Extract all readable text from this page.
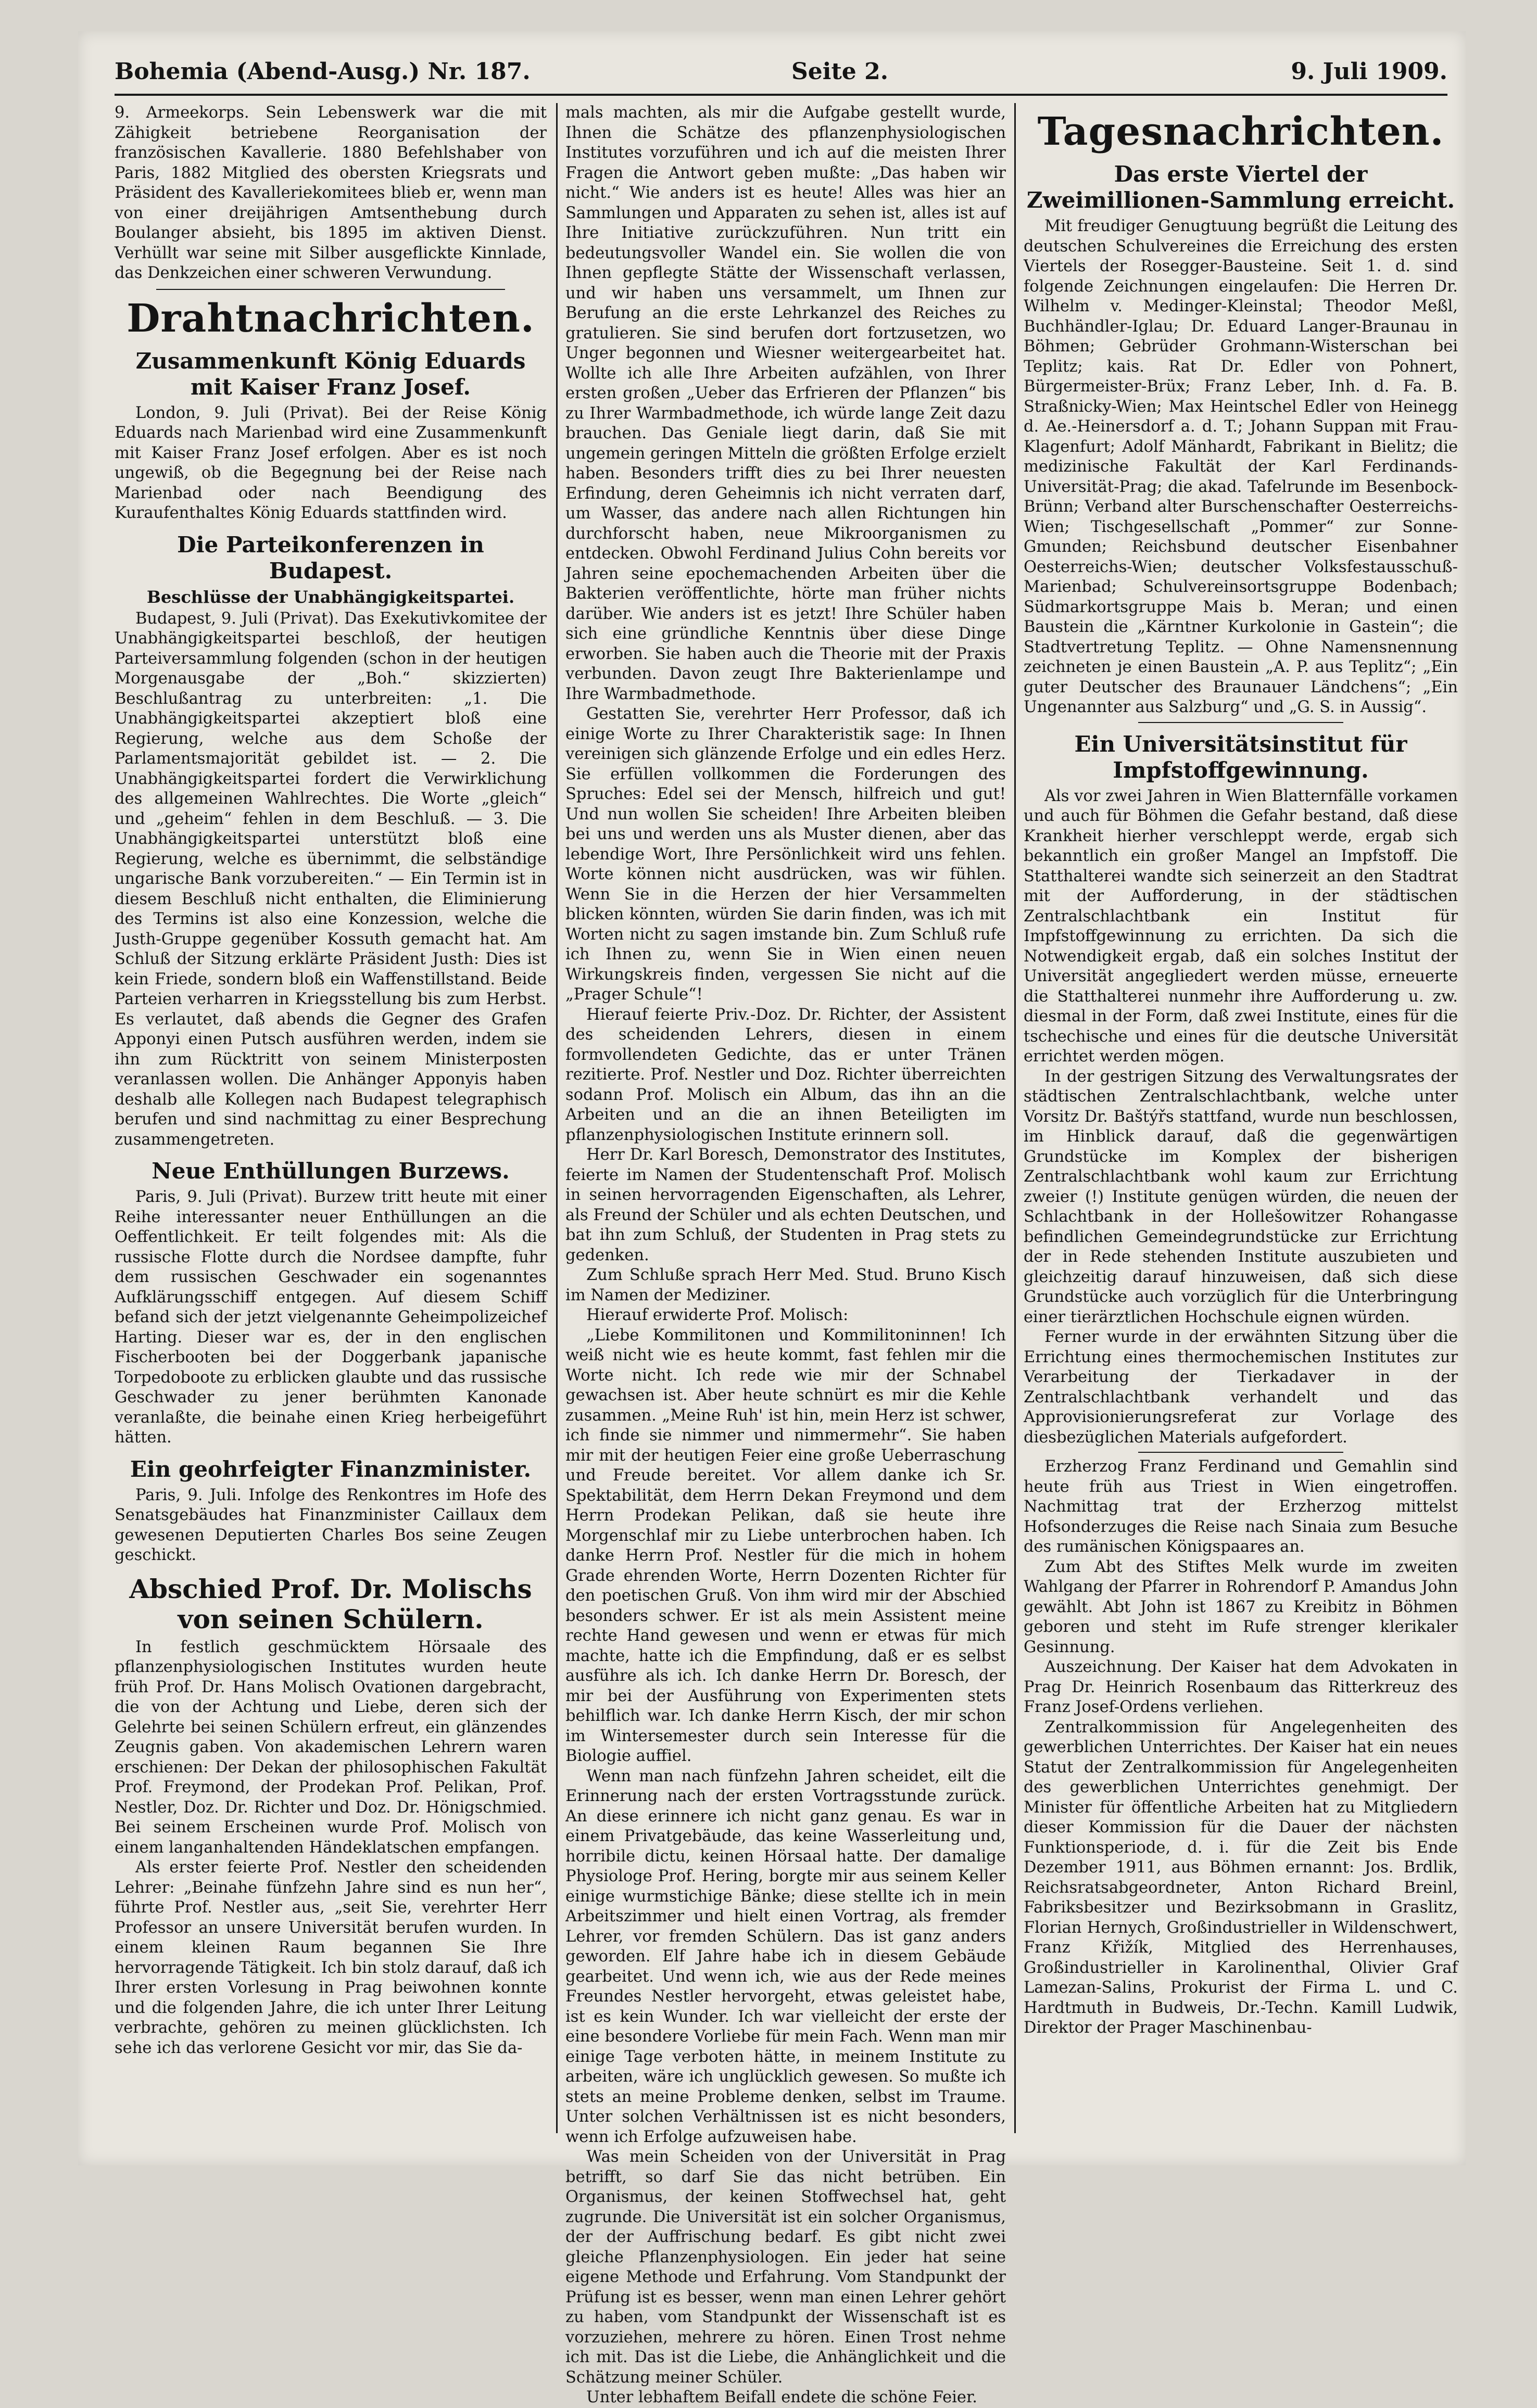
Bohemia (Abend-Ausg.) Nr. 187.	Seite 2.	9. Juli 1909.

9. Armeekorps. Sein Lebenswerk war die mit Zähigkeit betriebene Reorganisation der französischen Kavallerie. 1880 Befehlshaber von Paris, 1882 Mitglied des obersten Kriegsrats und Präsident des Kavalleriekomitees blieb er, wenn man von einer dreijährigen Amtsenthebung durch Boulanger absieht, bis 1895 im aktiven Dienst. Verhüllt war seine mit Silber ausgeflickte Kinnlade, das Denkzeichen einer schweren Verwundung.

Drahtnachrichten.
Zusammenkunft König Eduards mit Kaiser Franz Josef.

London, 9. Juli (Privat). Bei der Reise König Eduards nach Marienbad wird eine Zusammenkunft mit Kaiser Franz Josef erfolgen. Aber es ist noch ungewiß, ob die Begegnung bei der Reise nach Marienbad oder nach Beendigung des Kuraufenthaltes König Eduards stattfinden wird.

Die Parteikonferenzen in Budapest.
Beschlüsse der Unabhängigkeitspartei.

Budapest, 9. Juli (Privat). Das Exekutivkomitee der Unabhängigkeitspartei beschloß, der heutigen Parteiversammlung folgenden (schon in der heutigen Morgenausgabe der „Boh.“ skizzierten) Beschlußantrag zu unterbreiten: „1. Die Unabhängigkeitspartei akzeptiert bloß eine Regierung, welche aus dem Schoße der Parlamentsmajorität gebildet ist. — 2. Die Unabhängigkeitspartei fordert die Verwirklichung des allgemeinen Wahlrechtes. Die Worte „gleich“ und „geheim“ fehlen in dem Beschluß. — 3. Die Unabhängigkeitspartei unterstützt bloß eine Regierung, welche es übernimmt, die selbständige ungarische Bank vorzubereiten.“ — Ein Termin ist in diesem Beschluß nicht enthalten, die Eliminierung des Termins ist also eine Konzession, welche die Justh-Gruppe gegenüber Kossuth gemacht hat. Am Schluß der Sitzung erklärte Präsident Justh: Dies ist kein Friede, sondern bloß ein Waffenstillstand. Beide Parteien verharren in Kriegsstellung bis zum Herbst. Es verlautet, daß abends die Gegner des Grafen Apponyi einen Putsch ausführen werden, indem sie ihn zum Rücktritt von seinem Ministerposten veranlassen wollen. Die Anhänger Apponyis haben deshalb alle Kollegen nach Budapest telegraphisch berufen und sind nachmittag zu einer Besprechung zusammengetreten.

Neue Enthüllungen Burzews.

Paris, 9. Juli (Privat). Burzew tritt heute mit einer Reihe interessanter neuer Enthüllungen an die Oeffentlichkeit. Er teilt folgendes mit: Als die russische Flotte durch die Nordsee dampfte, fuhr dem russischen Geschwader ein sogenanntes Aufklärungsschiff entgegen. Auf diesem Schiff befand sich der jetzt vielgenannte Geheimpolizeichef Harting. Dieser war es, der in den englischen Fischerbooten bei der Doggerbank japanische Torpedoboote zu erblicken glaubte und das russische Geschwader zu jener berühmten Kanonade veranlaßte, die beinahe einen Krieg herbeigeführt hätten.

Ein geohrfeigter Finanzminister.

Paris, 9. Juli. Infolge des Renkontres im Hofe des Senatsgebäudes hat Finanzminister Caillaux dem gewesenen Deputierten Charles Bos seine Zeugen geschickt.

Abschied Prof. Dr. Molischs von seinen Schülern.

In festlich geschmücktem Hörsaale des pflanzenphysiologischen Institutes wurden heute früh Prof. Dr. Hans Molisch Ovationen dargebracht, die von der Achtung und Liebe, deren sich der Gelehrte bei seinen Schülern erfreut, ein glänzendes Zeugnis gaben. Von akademischen Lehrern waren erschienen: Der Dekan der philosophischen Fakultät Prof. Freymond, der Prodekan Prof. Pelikan, Prof. Nestler, Doz. Dr. Richter und Doz. Dr. Hönigschmied. Bei seinem Erscheinen wurde Prof. Molisch von einem langanhaltenden Händeklatschen empfangen.

Als erster feierte Prof. Nestler den scheidenden Lehrer: „Beinahe fünfzehn Jahre sind es nun her“, führte Prof. Nestler aus, „seit Sie, verehrter Herr Professor an unsere Universität berufen wurden. In einem kleinen Raum begannen Sie Ihre hervorragende Tätigkeit. Ich bin stolz darauf, daß ich Ihrer ersten Vorlesung in Prag beiwohnen konnte und die folgenden Jahre, die ich unter Ihrer Leitung verbrachte, gehören zu meinen glücklichsten. Ich sehe ich das verlorene Gesicht vor mir, das Sie da-

mals machten, als mir die Aufgabe gestellt wurde, Ihnen die Schätze des pflanzenphysiologischen Institutes vorzuführen und ich auf die meisten Ihrer Fragen die Antwort geben mußte: „Das haben wir nicht.“ Wie anders ist es heute! Alles was hier an Sammlungen und Apparaten zu sehen ist, alles ist auf Ihre Initiative zurückzuführen. Nun tritt ein bedeutungsvoller Wandel ein. Sie wollen die von Ihnen gepflegte Stätte der Wissenschaft verlassen, und wir haben uns versammelt, um Ihnen zur Berufung an die erste Lehrkanzel des Reiches zu gratulieren. Sie sind berufen dort fortzusetzen, wo Unger begonnen und Wiesner weitergearbeitet hat. Wollte ich alle Ihre Arbeiten aufzählen, von Ihrer ersten großen „Ueber das Erfrieren der Pflanzen“ bis zu Ihrer Warmbadmethode, ich würde lange Zeit dazu brauchen. Das Geniale liegt darin, daß Sie mit ungemein geringen Mitteln die größten Erfolge erzielt haben. Besonders trifft dies zu bei Ihrer neuesten Erfindung, deren Geheimnis ich nicht verraten darf, um Wasser, das andere nach allen Richtungen hin durchforscht haben, neue Mikroorganismen zu entdecken. Obwohl Ferdinand Julius Cohn bereits vor Jahren seine epochemachenden Arbeiten über die Bakterien veröffentlichte, hörte man früher nichts darüber. Wie anders ist es jetzt! Ihre Schüler haben sich eine gründliche Kenntnis über diese Dinge erworben. Sie haben auch die Theorie mit der Praxis verbunden. Davon zeugt Ihre Bakterienlampe und Ihre Warmbadmethode.

Gestatten Sie, verehrter Herr Professor, daß ich einige Worte zu Ihrer Charakteristik sage: In Ihnen vereinigen sich glänzende Erfolge und ein edles Herz. Sie erfüllen vollkommen die Forderungen des Spruches: Edel sei der Mensch, hilfreich und gut! Und nun wollen Sie scheiden! Ihre Arbeiten bleiben bei uns und werden uns als Muster dienen, aber das lebendige Wort, Ihre Persönlichkeit wird uns fehlen. Worte können nicht ausdrücken, was wir fühlen. Wenn Sie in die Herzen der hier Versammelten blicken könnten, würden Sie darin finden, was ich mit Worten nicht zu sagen imstande bin. Zum Schluß rufe ich Ihnen zu, wenn Sie in Wien einen neuen Wirkungskreis finden, vergessen Sie nicht auf die „Prager Schule“!

Hierauf feierte Priv.-Doz. Dr. Richter, der Assistent des scheidenden Lehrers, diesen in einem formvollendeten Gedichte, das er unter Tränen rezitierte. Prof. Nestler und Doz. Richter überreichten sodann Prof. Molisch ein Album, das ihn an die Arbeiten und an die an ihnen Beteiligten im pflanzenphysiologischen Institute erinnern soll.

Herr Dr. Karl Boresch, Demonstrator des Institutes, feierte im Namen der Studentenschaft Prof. Molisch in seinen hervorragenden Eigenschaften, als Lehrer, als Freund der Schüler und als echten Deutschen, und bat ihn zum Schluß, der Studenten in Prag stets zu gedenken.

Zum Schluße sprach Herr Med. Stud. Bruno Kisch im Namen der Mediziner.

Hierauf erwiderte Prof. Molisch:

„Liebe Kommilitonen und Kommilitoninnen! Ich weiß nicht wie es heute kommt, fast fehlen mir die Worte nicht. Ich rede wie mir der Schnabel gewachsen ist. Aber heute schnürt es mir die Kehle zusammen. „Meine Ruh' ist hin, mein Herz ist schwer, ich finde sie nimmer und nimmermehr“. Sie haben mir mit der heutigen Feier eine große Ueberraschung und Freude bereitet. Vor allem danke ich Sr. Spektabilität, dem Herrn Dekan Freymond und dem Herrn Prodekan Pelikan, daß sie heute ihre Morgenschlaf mir zu Liebe unterbrochen haben. Ich danke Herrn Prof. Nestler für die mich in hohem Grade ehrenden Worte, Herrn Dozenten Richter für den poetischen Gruß. Von ihm wird mir der Abschied besonders schwer. Er ist als mein Assistent meine rechte Hand gewesen und wenn er etwas für mich machte, hatte ich die Empfindung, daß er es selbst ausführe als ich. Ich danke Herrn Dr. Boresch, der mir bei der Ausführung von Experimenten stets behilflich war. Ich danke Herrn Kisch, der mir schon im Wintersemester durch sein Interesse für die Biologie auffiel.

Wenn man nach fünfzehn Jahren scheidet, eilt die Erinnerung nach der ersten Vortragsstunde zurück. An diese erinnere ich nicht ganz genau. Es war in einem Privatgebäude, das keine Wasserleitung und, horribile dictu, keinen Hörsaal hatte. Der damalige Physiologe Prof. Hering, borgte mir aus seinem Keller einige wurmstichige Bänke; diese stellte ich in mein Arbeitszimmer und hielt einen Vortrag, als fremder Lehrer, vor fremden Schülern. Das ist ganz anders geworden. Elf Jahre habe ich in diesem Gebäude gearbeitet. Und wenn ich, wie aus der Rede meines Freundes Nestler hervorgeht, etwas geleistet habe, ist es kein Wunder. Ich war vielleicht der erste der eine besondere Vorliebe für mein Fach. Wenn man mir einige Tage verboten hätte, in meinem Institute zu arbeiten, wäre ich unglücklich gewesen. So mußte ich stets an meine Probleme denken, selbst im Traume. Unter solchen Verhältnissen ist es nicht besonders, wenn ich Erfolge aufzuweisen habe.

Was mein Scheiden von der Universität in Prag betrifft, so darf Sie das nicht betrüben. Ein Organismus, der keinen Stoffwechsel hat, geht zugrunde. Die Universität ist ein solcher Organismus, der der Auffrischung bedarf. Es gibt nicht zwei gleiche Pflanzenphysiologen. Ein jeder hat seine eigene Methode und Erfahrung. Vom Standpunkt der Prüfung ist es besser, wenn man einen Lehrer gehört zu haben, vom Standpunkt der Wissenschaft ist es vorzuziehen, mehrere zu hören. Einen Trost nehme ich mit. Das ist die Liebe, die Anhänglichkeit und die Schätzung meiner Schüler.

Unter lebhaftem Beifall endete die schöne Feier.

Tagesnachrichten.
Das erste Viertel der Zweimillionen-Sammlung erreicht.

Mit freudiger Genugtuung begrüßt die Leitung des deutschen Schulvereines die Erreichung des ersten Viertels der Rosegger-Bausteine. Seit 1. d. sind folgende Zeichnungen eingelaufen: Die Herren Dr. Wilhelm v. Medinger-Kleinstal; Theodor Meßl, Buchhändler-Iglau; Dr. Eduard Langer-Braunau in Böhmen; Gebrüder Grohmann-Wisterschan bei Teplitz; kais. Rat Dr. Edler von Pohnert, Bürgermeister-Brüx; Franz Leber, Inh. d. Fa. B. Straßnicky-Wien; Max Heintschel Edler von Heinegg d. Ae.-Heinersdorf a. d. T.; Johann Suppan mit Frau-Klagenfurt; Adolf Mänhardt, Fabrikant in Bielitz; die medizinische Fakultät der Karl Ferdinands-Universität-Prag; die akad. Tafelrunde im Besenbock-Brünn; Verband alter Burschenschafter Oesterreichs-Wien; Tischgesellschaft „Pommer“ zur Sonne-Gmunden; Reichsbund deutscher Eisenbahner Oesterreichs-Wien; deutscher Volksfestausschuß-Marienbad; Schulvereinsortsgruppe Bodenbach; Südmarkortsgruppe Mais b. Meran; und einen Baustein die „Kärntner Kurkolonie in Gastein“; die Stadtvertretung Teplitz. — Ohne Namensnennung zeichneten je einen Baustein „A. P. aus Teplitz“; „Ein guter Deutscher des Braunauer Ländchens“; „Ein Ungenannter aus Salzburg“ und „G. S. in Aussig“.

Ein Universitätsinstitut für Impfstoffgewinnung.

Als vor zwei Jahren in Wien Blatternfälle vorkamen und auch für Böhmen die Gefahr bestand, daß diese Krankheit hierher verschleppt werde, ergab sich bekanntlich ein großer Mangel an Impfstoff. Die Statthalterei wandte sich seinerzeit an den Stadtrat mit der Aufforderung, in der städtischen Zentralschlachtbank ein Institut für Impfstoffgewinnung zu errichten. Da sich die Notwendigkeit ergab, daß ein solches Institut der Universität angegliedert werden müsse, erneuerte die Statthalterei nunmehr ihre Aufforderung u. zw. diesmal in der Form, daß zwei Institute, eines für die tschechische und eines für die deutsche Universität errichtet werden mögen.

In der gestrigen Sitzung des Verwaltungsrates der städtischen Zentralschlachtbank, welche unter Vorsitz Dr. Baštýřs stattfand, wurde nun beschlossen, im Hinblick darauf, daß die gegenwärtigen Grundstücke im Komplex der bisherigen Zentralschlachtbank wohl kaum zur Errichtung zweier (!) Institute genügen würden, die neuen der Schlachtbank in der Hollešowitzer Rohangasse befindlichen Gemeindegrundstücke zur Errichtung der in Rede stehenden Institute auszubieten und gleichzeitig darauf hinzuweisen, daß sich diese Grundstücke auch vorzüglich für die Unterbringung einer tierärztlichen Hochschule eignen würden.

Ferner wurde in der erwähnten Sitzung über die Errichtung eines thermochemischen Institutes zur Verarbeitung der Tierkadaver in der Zentralschlachtbank verhandelt und das Approvisionierungsreferat zur Vorlage des diesbezüglichen Materials aufgefordert.

Erzherzog Franz Ferdinand und Gemahlin sind heute früh aus Triest in Wien eingetroffen. Nachmittag trat der Erzherzog mittelst Hofsonderzuges die Reise nach Sinaia zum Besuche des rumänischen Königspaares an.

Zum Abt des Stiftes Melk wurde im zweiten Wahlgang der Pfarrer in Rohrendorf P. Amandus John gewählt. Abt John ist 1867 zu Kreibitz in Böhmen geboren und steht im Rufe strenger klerikaler Gesinnung.

Auszeichnung. Der Kaiser hat dem Advokaten in Prag Dr. Heinrich Rosenbaum das Ritterkreuz des Franz Josef-Ordens verliehen.

Zentralkommission für Angelegenheiten des gewerblichen Unterrichtes. Der Kaiser hat ein neues Statut der Zentralkommission für Angelegenheiten des gewerblichen Unterrichtes genehmigt. Der Minister für öffentliche Arbeiten hat zu Mitgliedern dieser Kommission für die Dauer der nächsten Funktionsperiode, d. i. für die Zeit bis Ende Dezember 1911, aus Böhmen ernannt: Jos. Brdlik, Reichsratsabgeordneter, Anton Richard Breinl, Fabriksbesitzer und Bezirksobmann in Graslitz, Florian Hernych, Großindustrieller in Wildenschwert, Franz Křižík, Mitglied des Herrenhauses, Großindustrieller in Karolinenthal, Olivier Graf Lamezan-Salins, Prokurist der Firma L. und C. Hardtmuth in Budweis, Dr.-Techn. Kamill Ludwik, Direktor der Prager Maschinenbau-
